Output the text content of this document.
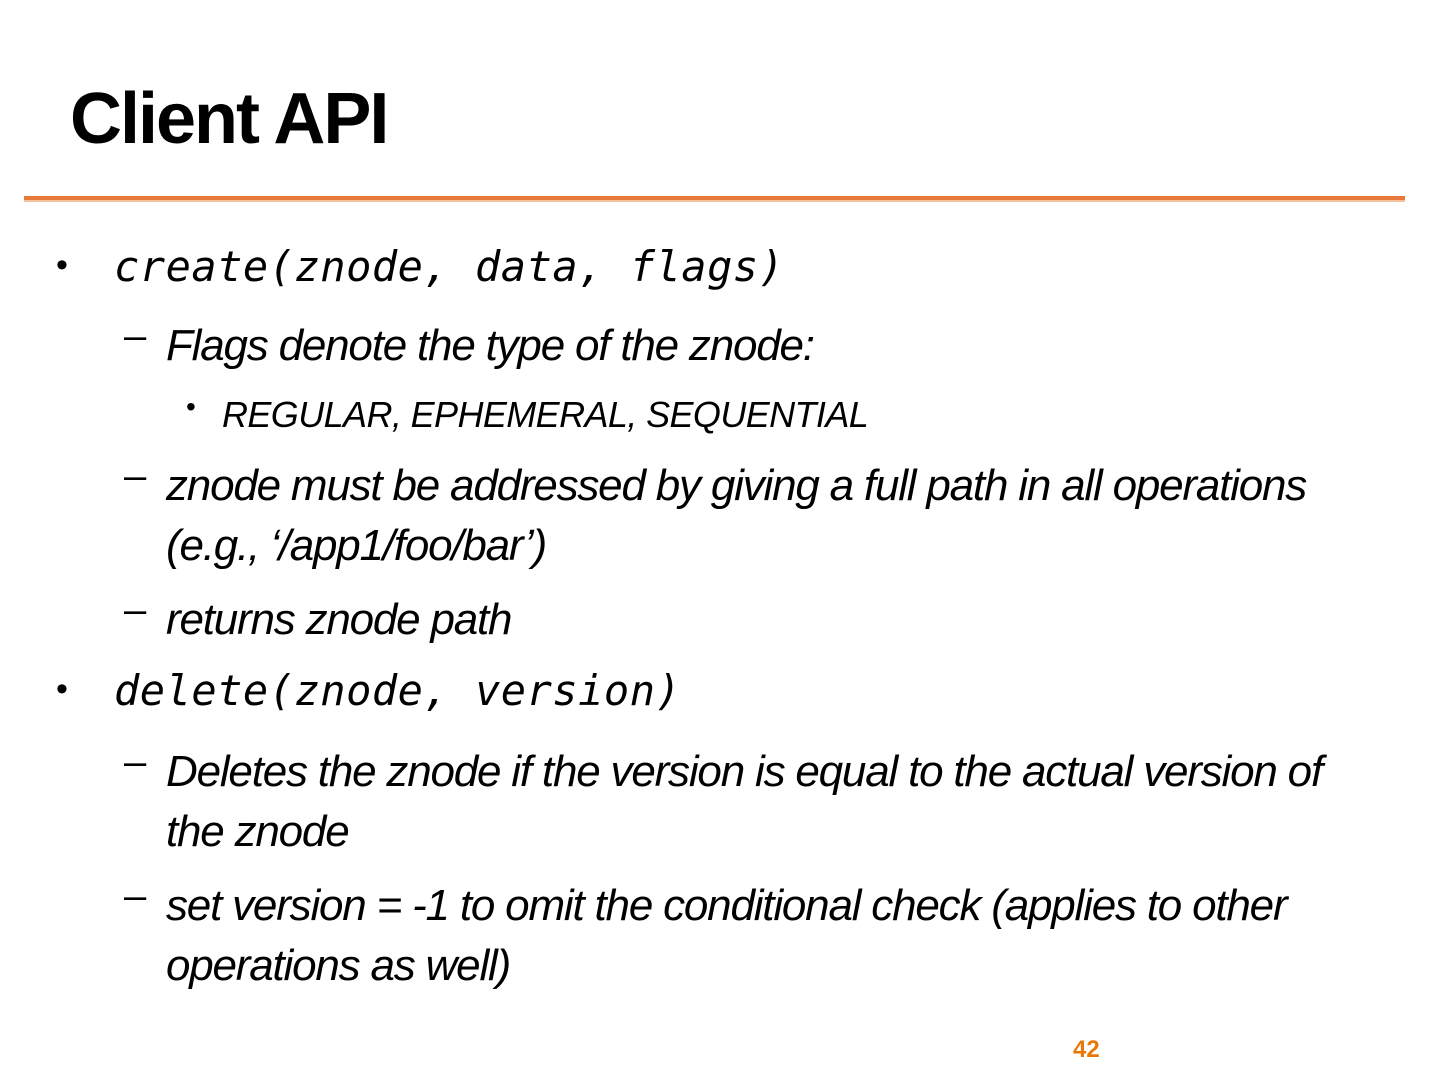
Client API
• create(znode, data, flags)
– Flags denote the type of the znode:
• REGULAR, EPHEMERAL, SEQUENTIAL
– znode must be addressed by giving a full path in all operations (e.g., ‘/app1/foo/bar’)
– returns znode path
• delete(znode, version)
– Deletes the znode if the version is equal to the actual version of the znode
– set version = -1 to omit the conditional check (applies to other operations as well)
42
